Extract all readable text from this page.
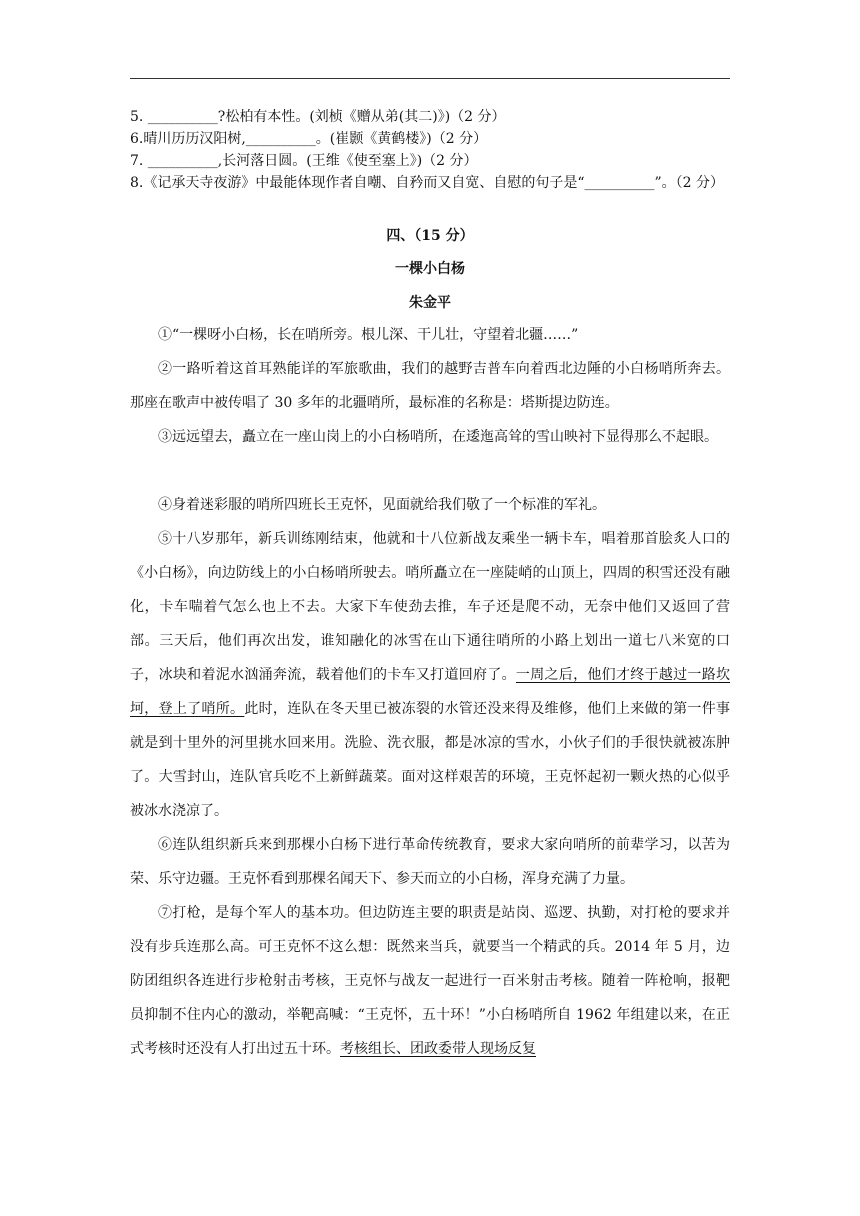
5. __________?松柏有本性。(刘桢《赠从弟(其二)》)（2 分）
6.晴川历历汉阳树,__________。(崔颢《黄鹤楼》)（2 分）
7. __________,长河落日圆。(王维《使至塞上》)（2 分）
8.《记承天寺夜游》中最能体现作者自嘲、自矜而又自宽、自慰的句子是“__________”。（2 分）
四、（15 分）
一棵小白杨
朱金平
①“一棵呀小白杨，长在哨所旁。根儿深、干儿壮，守望着北疆……”
②一路听着这首耳熟能详的军旅歌曲，我们的越野吉普车向着西北边陲的小白杨哨所奔去。那座在歌声中被传唱了 30 多年的北疆哨所，最标准的名称是：塔斯提边防连。
③远远望去，矗立在一座山岗上的小白杨哨所，在逶迤高耸的雪山映衬下显得那么不起眼。
④身着迷彩服的哨所四班长王克怀，见面就给我们敬了一个标准的军礼。
⑤十八岁那年，新兵训练刚结束，他就和十八位新战友乘坐一辆卡车，唱着那首脍炙人口的《小白杨》，向边防线上的小白杨哨所驶去。哨所矗立在一座陡峭的山顶上，四周的积雪还没有融化，卡车喘着气怎么也上不去。大家下车使劲去推，车子还是爬不动，无奈中他们又返回了营部。三天后，他们再次出发，谁知融化的冰雪在山下通往哨所的小路上划出一道七八米宽的口子，冰块和着泥水汹涌奔流，载着他们的卡车又打道回府了。一周之后，他们才终于越过一路坎坷，登上了哨所。此时，连队在冬天里已被冻裂的水管还没来得及维修，他们上来做的第一件事就是到十里外的河里挑水回来用。洗脸、洗衣服，都是冰凉的雪水，小伙子们的手很快就被冻肿了。大雪封山，连队官兵吃不上新鲜蔬菜。面对这样艰苦的环境，王克怀起初一颗火热的心似乎被冰水浇凉了。
⑥连队组织新兵来到那棵小白杨下进行革命传统教育，要求大家向哨所的前辈学习，以苦为荣、乐守边疆。王克怀看到那棵名闻天下、参天而立的小白杨，浑身充满了力量。
⑦打枪，是每个军人的基本功。但边防连主要的职责是站岗、巡逻、执勤，对打枪的要求并没有步兵连那么高。可王克怀不这么想：既然来当兵，就要当一个精武的兵。2014 年 5 月，边防团组织各连进行步枪射击考核，王克怀与战友一起进行一百米射击考核。随着一阵枪响，报靶员抑制不住内心的激动，举靶高喊：“王克怀，五十环！”小白杨哨所自 1962 年组建以来，在正式考核时还没有人打出过五十环。考核组长、团政委带人现场反复
